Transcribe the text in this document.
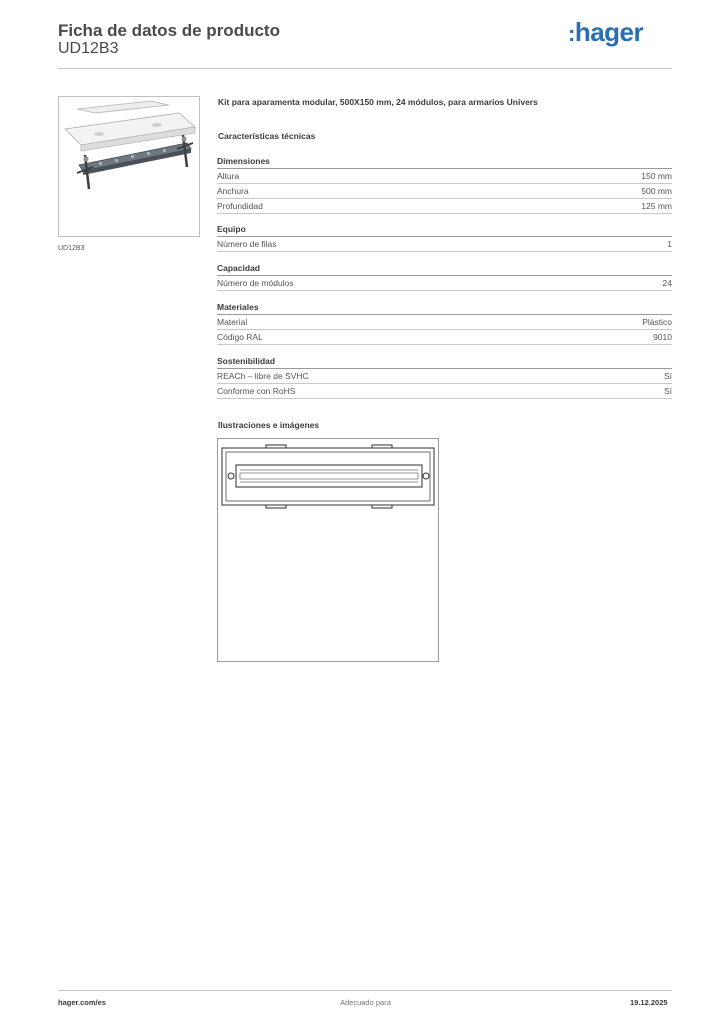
Ficha de datos de producto
UD12B3
:hager
UD12B3
Kit para aparamenta modular, 500X150 mm, 24 módulos, para armarios Univers
Características técnicas
Dimensiones
Altura	150 mm
Anchura	500 mm
Profundidad	125 mm
Equipo
Número de filas	1
Capacidad
Número de módulos	24
Materiales
Material	Plástico
Código RAL	9010
Sostenibilidad
REACh – libre de SVHC	Sí
Conforme con RoHS	Sí
Ilustraciones e imágenes
hager.com/es	Adecuado para	19.12.2025
